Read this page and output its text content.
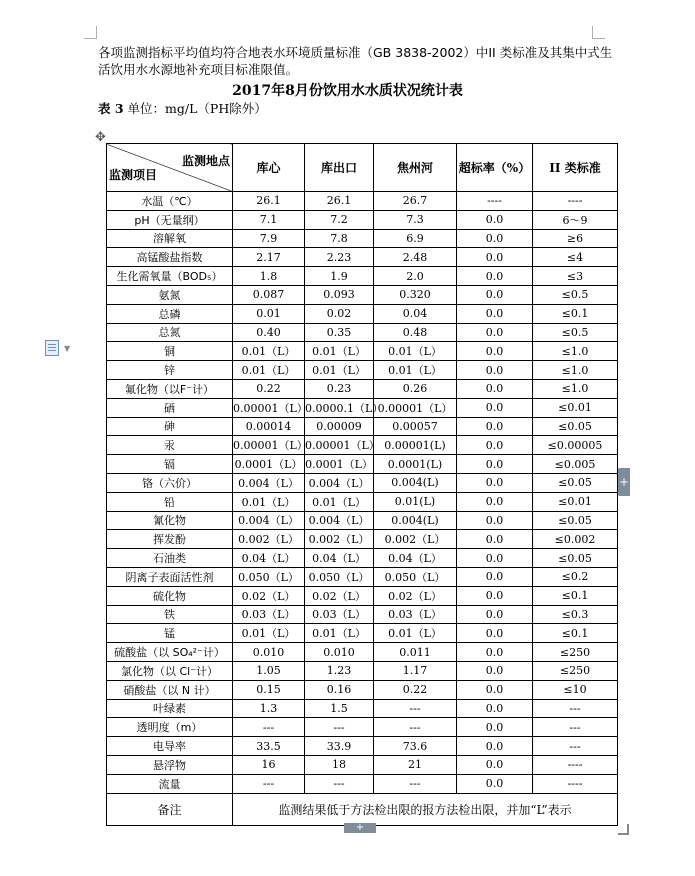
各项监测指标平均值均符合地表水环境质量标准（GB 3838-2002）中II 类标准及其集中式生活饮用水水源地补充项目标准限值。
2017年8月份饮用水水质状况统计表
表 3 单位：mg/L（PH除外）
✥
▼
监测地点
监测项目	库心	库出口	焦州河	超标率（%）	II 类标准
水温（℃）	26.1	26.1	26.7	----	----
pH（无量纲）	7.1	7.2	7.3	0.0	6～9
溶解氧	7.9	7.8	6.9	0.0	≥6
高锰酸盐指数	2.17	2.23	2.48	0.0	≤4
生化需氧量（BOD₅）	1.8	1.9	2.0	0.0	≤3
氨氮	0.087	0.093	0.320	0.0	≤0.5
总磷	0.01	0.02	0.04	0.0	≤0.1
总氮	0.40	0.35	0.48	0.0	≤0.5
铜	0.01（L）	0.01（L）	0.01（L）	0.0	≤1.0
锌	0.01（L）	0.01（L）	0.01（L）	0.0	≤1.0
氟化物（以F⁻计）	0.22	0.23	0.26	0.0	≤1.0
硒	0.00001（L）	0.0000.1（L）	0.00001（L）	0.0	≤0.01
砷	0.00014	0.00009	0.00057	0.0	≤0.05
汞	0.00001（L）	0.00001（L）	0.00001(L)	0.0	≤0.00005
镉	0.0001（L）	0.0001（L）	0.0001(L)	0.0	≤0.005
铬（六价）	0.004（L）	0.004（L）	0.004(L)	0.0	≤0.05
铅	0.01（L）	0.01（L）	0.01(L)	0.0	≤0.01
氰化物	0.004（L）	0.004（L）	0.004(L)	0.0	≤0.05
挥发酚	0.002（L）	0.002（L）	0.002（L）	0.0	≤0.002
石油类	0.04（L）	0.04（L）	0.04（L）	0.0	≤0.05
阴离子表面活性剂	0.050（L）	0.050（L）	0.050（L）	0.0	≤0.2
硫化物	0.02（L）	0.02（L）	0.02（L）	0.0	≤0.1
铁	0.03（L）	0.03（L）	0.03（L）	0.0	≤0.3
锰	0.01（L）	0.01（L）	0.01（L）	0.0	≤0.1
硫酸盐（以 SO₄²⁻计）	0.010	0.010	0.011	0.0	≤250
氯化物（以 Cl⁻计）	1.05	1.23	1.17	0.0	≤250
硝酸盐（以 N 计）	0.15	0.16	0.22	0.0	≤10
叶绿素	1.3	1.5	---	0.0	---
透明度（m）	---	---	---	0.0	---
电导率	33.5	33.9	73.6	0.0	---
悬浮物	16	18	21	0.0	----
流量	---	---	---	0.0	----
备注	监测结果低于方法检出限的报方法检出限，并加“L”表示				
+
+
